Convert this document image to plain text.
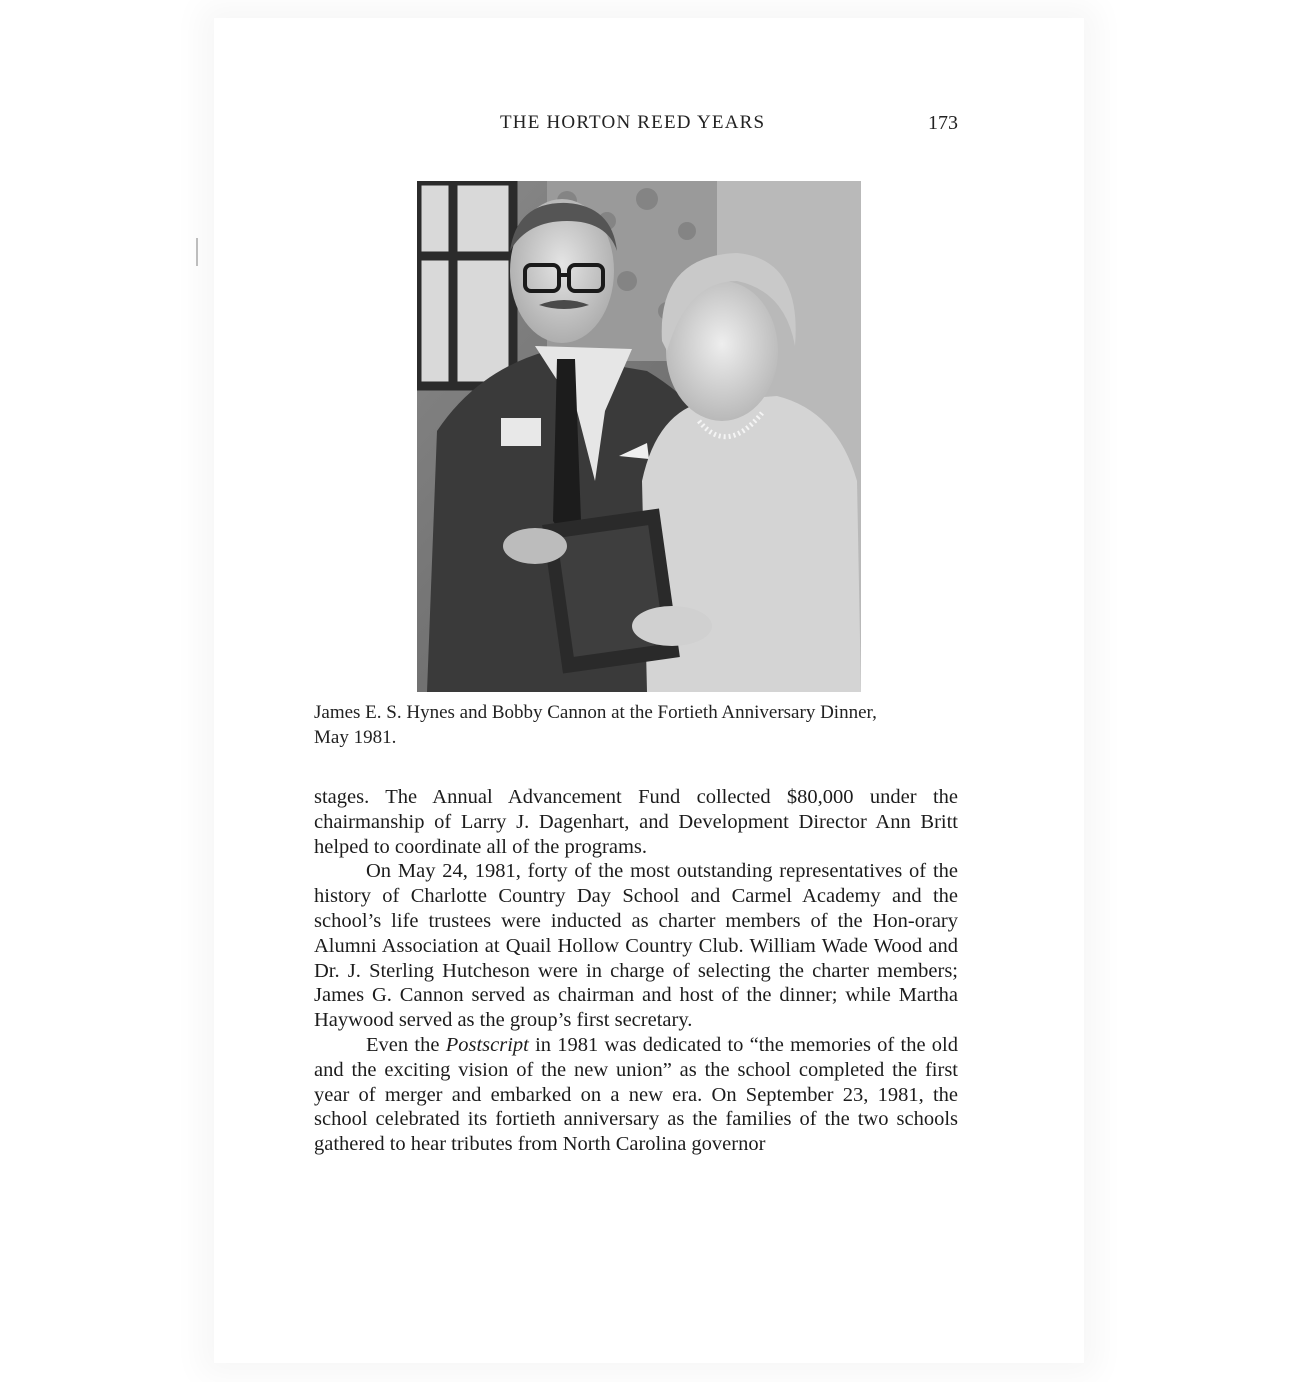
THE HORTON REED YEARS	173
James E. S. Hynes and Bobby Cannon at the Fortieth Anniversary Dinner,
May 1981.

stages. The Annual Advancement Fund collected $80,000 under the chairmanship of Larry J. Dagenhart, and Development Director Ann Britt helped to coordinate all of the programs.

On May 24, 1981, forty of the most outstanding representatives of the history of Charlotte Country Day School and Carmel Academy and the school’s life trustees were inducted as charter members of the Hon-orary Alumni Association at Quail Hollow Country Club. William Wade Wood and Dr. J. Sterling Hutcheson were in charge of selecting the charter members; James G. Cannon served as chairman and host of the dinner; while Martha Haywood served as the group’s first secretary.

Even the Postscript in 1981 was dedicated to “the memories of the old and the exciting vision of the new union” as the school completed the first year of merger and embarked on a new era. On September 23, 1981, the school celebrated its fortieth anniversary as the families of the two schools gathered to hear tributes from North Carolina governor
